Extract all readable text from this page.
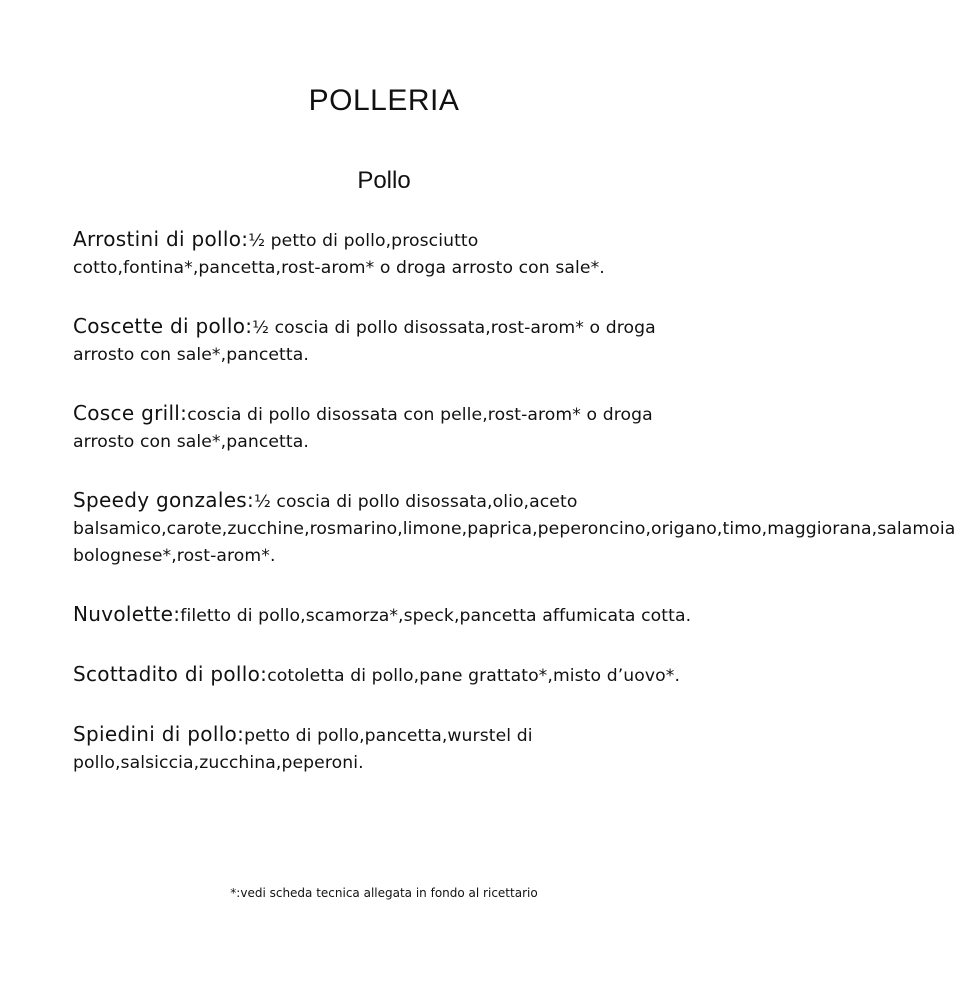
POLLERIA
Pollo

Arrostini di pollo:½ petto di pollo,prosciutto cotto,fontina*,pancetta,rost-arom* o droga arrosto con sale*.

Coscette di pollo:½ coscia di pollo disossata,rost-arom* o droga arrosto con sale*,pancetta.

Cosce grill:coscia di pollo disossata con pelle,rost-arom* o droga arrosto con sale*,pancetta.

Speedy gonzales:½ coscia di pollo disossata,olio,aceto balsamico,carote,zucchine,rosmarino,limone,paprica,peperoncino,origano,timo,maggiorana,salamoia bolognese*,rost-arom*.

Nuvolette:filetto di pollo,scamorza*,speck,pancetta affumicata cotta.

Scottadito di pollo:cotoletta di pollo,pane grattato*,misto d’uovo*.

Spiedini di pollo:petto di pollo,pancetta,wurstel di pollo,salsiccia,zucchina,peperoni.

*:vedi scheda tecnica allegata in fondo al ricettario
